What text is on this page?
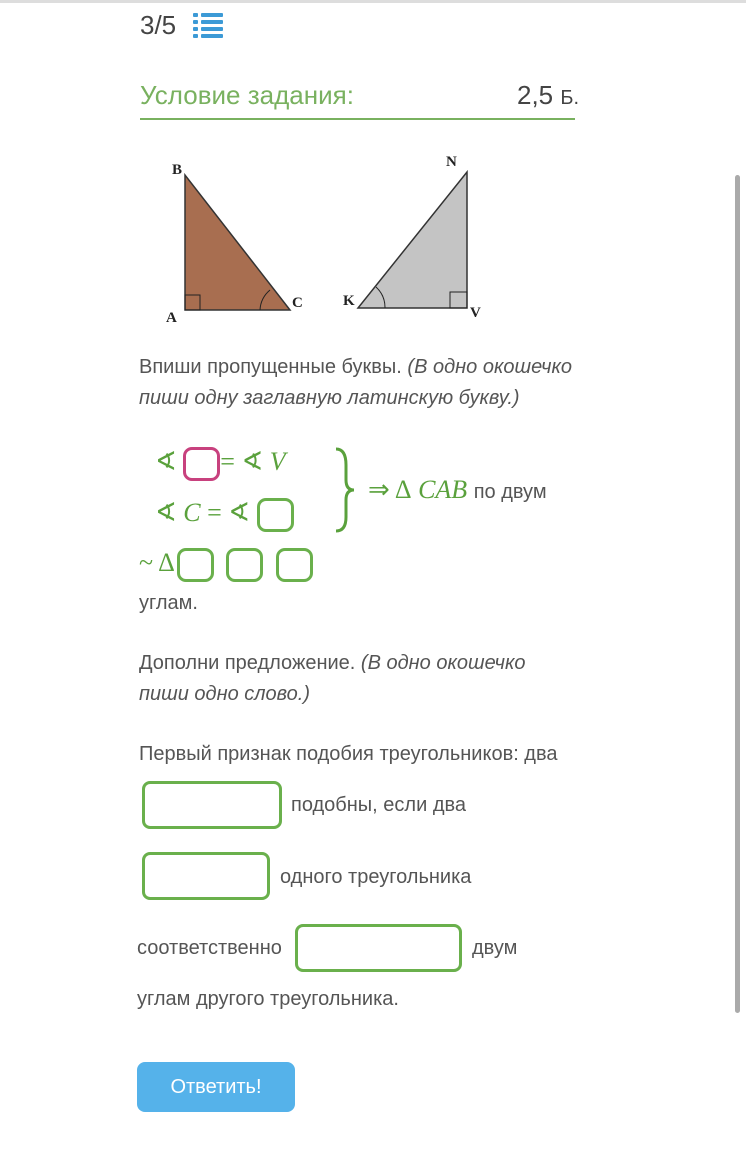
3/5
Условие задания:	2,5 Б.
B
A
C
N
K
V
Впиши пропущенные буквы. (В одно окошечко пиши одну заглавную латинскую букву.)
∢ = ∢ V
∢ C = ∢
⇒ Δ CAB по двум
~ Δ
углам.
Дополни предложение. (В одно окошечко пиши одно слово.)
Первый признак подобия треугольников: два
подобны, если два
одного треугольника
соответственно	двум
углам другого треугольника.
Ответить!
